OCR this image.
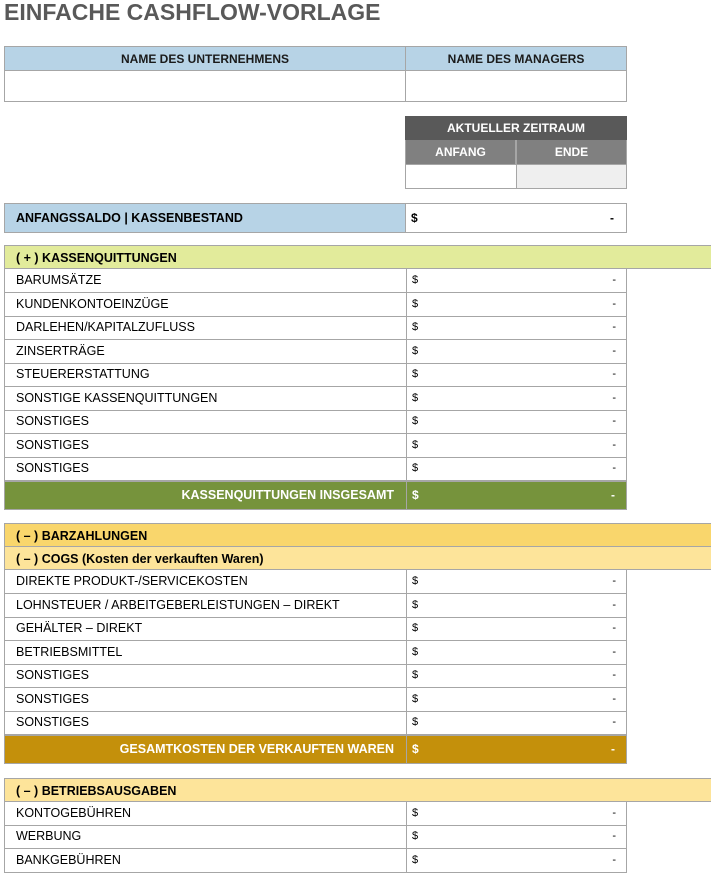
EINFACHE CASHFLOW-VORLAGE
NAME DES UNTERNEHMENS	NAME DES MANAGERS
AKTUELLER ZEITRAUM
ANFANG	ENDE
ANFANGSSALDO | KASSENBESTAND	$	-
( + ) KASSENQUITTUNGEN
BARUMSÄTZE	$	-
KUNDENKONTOEINZÜGE	$	-
DARLEHEN/KAPITALZUFLUSS	$	-
ZINSERTRÄGE	$	-
STEUERERSTATTUNG	$	-
SONSTIGE KASSENQUITTUNGEN	$	-
SONSTIGES	$	-
SONSTIGES	$	-
SONSTIGES	$	-
KASSENQUITTUNGEN INSGESAMT $	-
( – ) BARZAHLUNGEN
( – ) COGS (Kosten der verkauften Waren)
DIREKTE PRODUKT-/SERVICEKOSTEN	$	-
LOHNSTEUER / ARBEITGEBERLEISTUNGEN – DIREKT	$	-
GEHÄLTER – DIREKT	$	-
BETRIEBSMITTEL	$	-
SONSTIGES	$	-
SONSTIGES	$	-
SONSTIGES	$	-
GESAMTKOSTEN DER VERKAUFTEN WAREN $	-
( – ) BETRIEBSAUSGABEN
KONTOGEBÜHREN	$	-
WERBUNG	$	-
BANKGEBÜHREN	$	-
